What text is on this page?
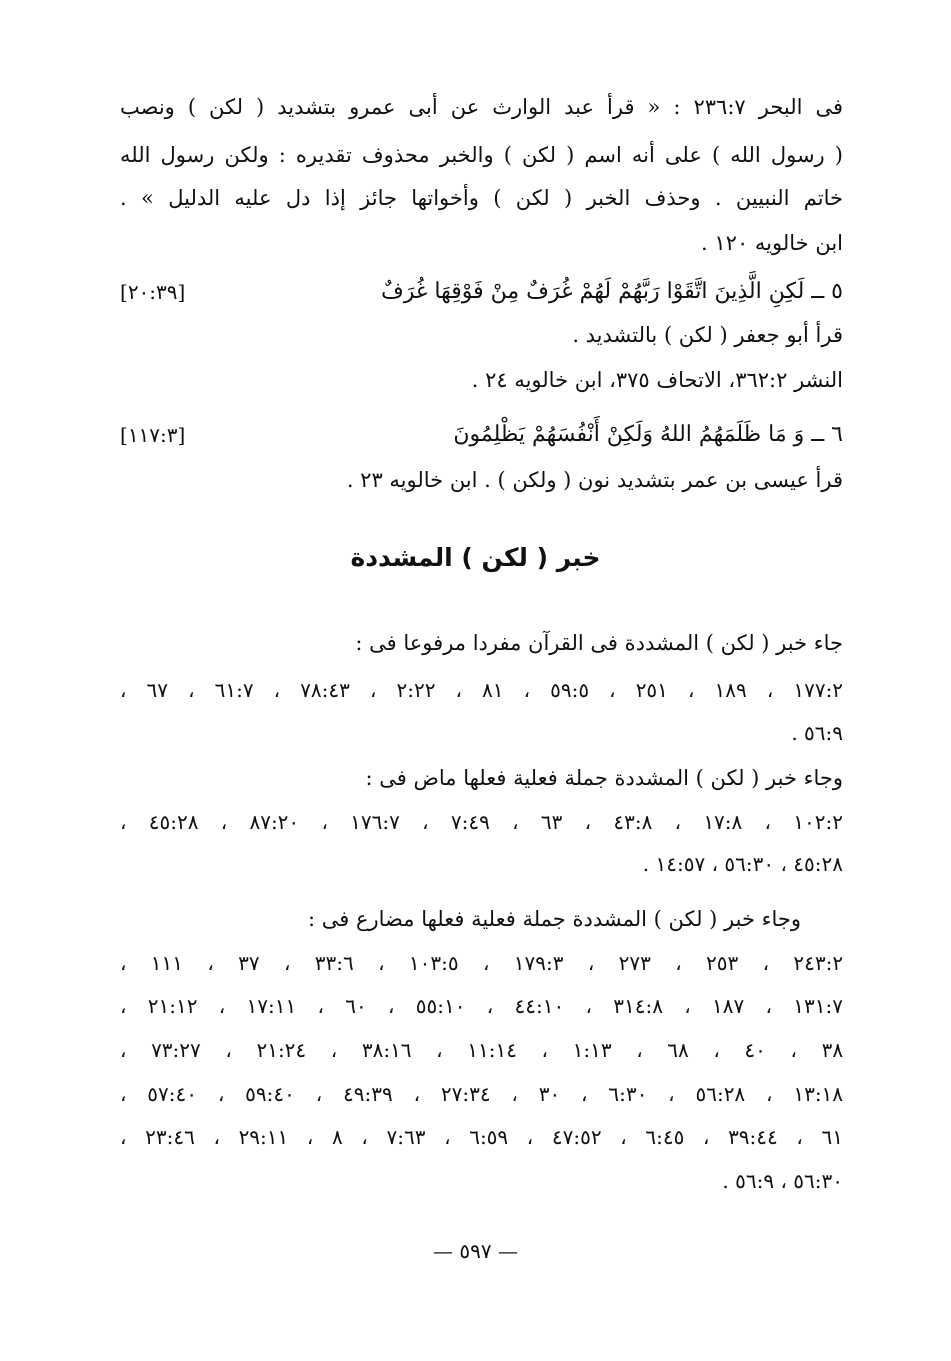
فى البحر ٢٣٦:٧ : « قرأ عبد الوارث عن أبى عمرو بتشديد ( لكن ) ونصب
( رسول الله ) على أنه اسم ( لكن ) والخبر محذوف تقديره : ولكن رسول الله
خاتم النبيين . وحذف الخبر ( لكن ) وأخواتها جائز إذا دل عليه الدليل » .
ابن خالويه ١٢٠ .
٥ ــ لَكِنِ الَّذِينَ اتَّقَوْا رَبَّهُمْ لَهُمْ غُرَفٌ مِنْ فَوْقِهَا غُرَفٌ
[٢٠:٣٩]
قرأ أبو جعفر ( لكن ) بالتشديد .
النشر ٣٦٢:٢، الاتحاف ٣٧٥، ابن خالويه ٢٤ .
٦ ــ وَ مَا ظَلَمَهُمُ اللهُ وَلَكِنْ أَنْفُسَهُمْ يَظْلِمُونَ
[١١٧:٣]
قرأ عيسى بن عمر بتشديد نون ( ولكن ) . ابن خالويه ٢٣ .
خبر ( لكن ) المشددة
جاء خبر ( لكن ) المشددة فى القرآن مفردا مرفوعا فى :
١٧٧:٢ ، ١٨٩ ، ٢٥١ ، ٥٩:٥ ، ٨١ ، ٢:٢٢ ، ٧٨:٤٣ ، ٦١:٧ ، ٦٧ ،
٥٦:٩ .
وجاء خبر ( لكن ) المشددة جملة فعلية فعلها ماض فى :
١٠٢:٢ ، ١٧:٨ ، ٤٣:٨ ، ٦٣ ، ٧:٤٩ ، ١٧٦:٧ ، ٨٧:٢٠ ، ٤٥:٢٨ ،
٤٥:٢٨ ، ٥٦:٣٠ ، ١٤:٥٧ .
وجاء خبر ( لكن ) المشددة جملة فعلية فعلها مضارع فى :
٢٤٣:٢ ، ٢٥٣ ، ٢٧٣ ، ١٧٩:٣ ، ١٠٣:٥ ، ٣٣:٦ ، ٣٧ ، ١١١ ،
١٣١:٧ ، ١٨٧ ، ٣١٤:٨ ، ٤٤:١٠ ، ٥٥:١٠ ، ٦٠ ، ١٧:١١ ، ٢١:١٢ ،
٣٨ ، ٤٠ ، ٦٨ ، ١:١٣ ، ١١:١٤ ، ٣٨:١٦ ، ٢١:٢٤ ، ٧٣:٢٧ ،
١٣:١٨ ، ٥٦:٢٨ ، ٦:٣٠ ، ٣٠ ، ٢٧:٣٤ ، ٤٩:٣٩ ، ٥٩:٤٠ ، ٥٧:٤٠ ،
٦١ ، ٣٩:٤٤ ، ٦:٤٥ ، ٤٧:٥٢ ، ٦:٥٩ ، ٧:٦٣ ، ٨ ، ٢٩:١١ ، ٢٣:٤٦ ،
٥٦:٣٠ ، ٥٦:٩ .
— ٥٩٧ —
